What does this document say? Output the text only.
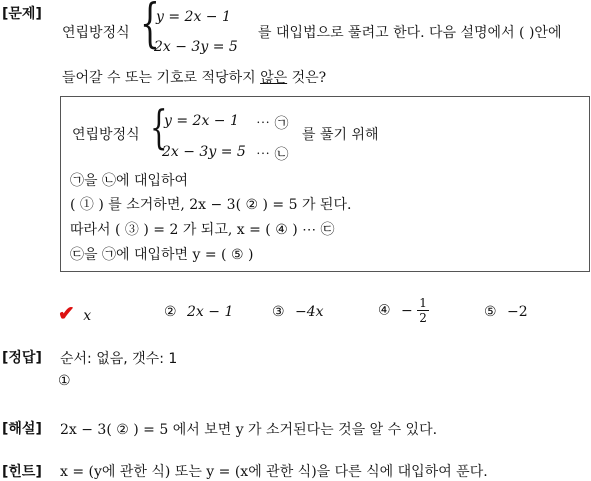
[문제]
연립방정식 {
y = 2x − 1
2x − 3y = 5
를 대입법으로 풀려고 한다. 다음 설명에서 ( )안에
들어갈 수 또는 기호로 적당하지 않은 것은?
연립방정식 {
y = 2x − 1 ⋯ ㉠
2x − 3y = 5 ⋯ ㉡
를 풀기 위해
㉠을 ㉡에 대입하여
( ① ) 를 소거하면, 2x − 3( ② ) = 5 가 된다.
따라서 ( ③ ) = 2 가 되고, x = ( ④ ) ⋯ ㉢
㉢을 ㉠에 대입하면 y = ( ⑤ )
✔ x	② 2x − 1	③ −4x	④ − $\frac{1}{2}$	⑤ −2
[정답] 순서: 없음, 갯수: 1
①
[해설] 2x − 3( ② ) = 5 에서 보면 y 가 소거된다는 것을 알 수 있다.
[힌트] x = (y에 관한 식) 또는 y = (x에 관한 식)을 다른 식에 대입하여 푼다.
